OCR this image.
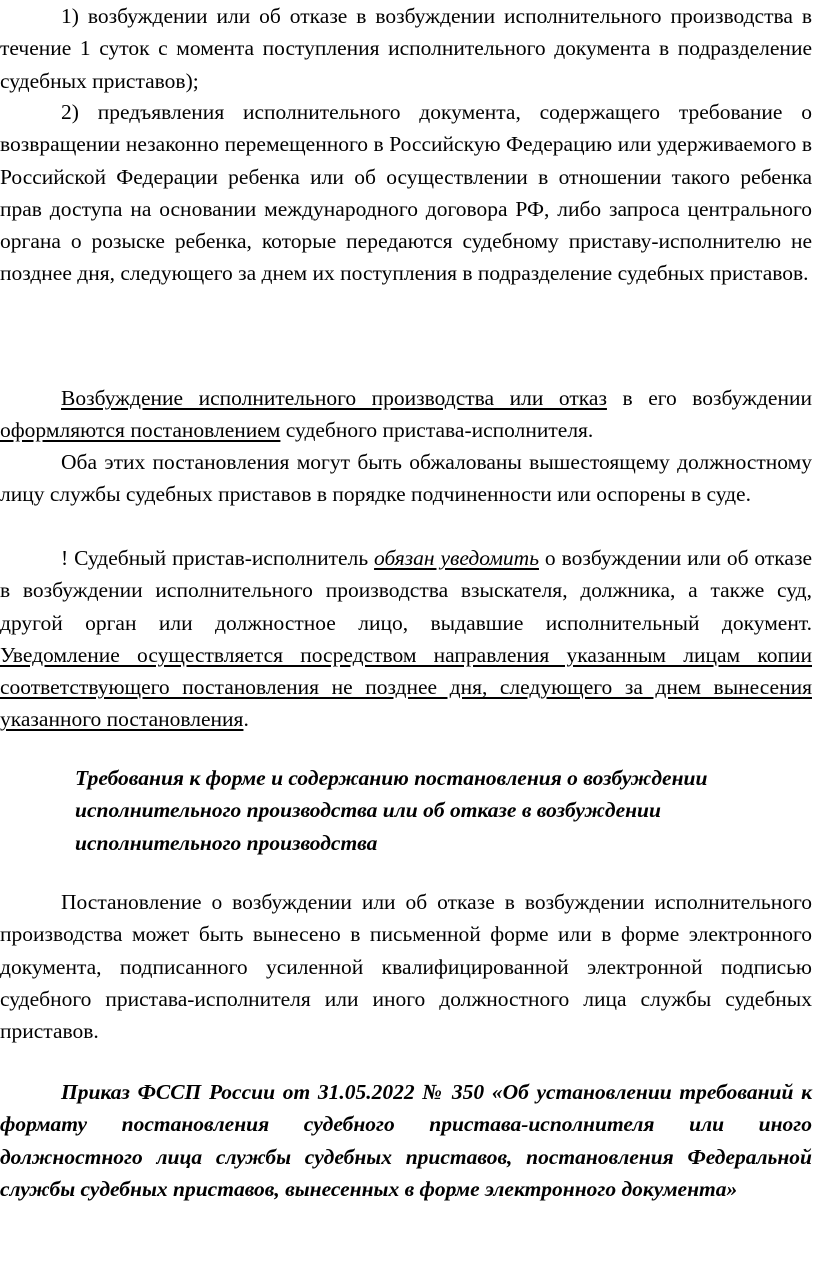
1) возбуждении или об отказе в возбуждении исполнительного производства в течение 1 суток с момента поступления исполнительного документа в подразделение судебных приставов);

2) предъявления исполнительного документа, содержащего требование о возвращении незаконно перемещенного в Российскую Федерацию или удерживаемого в Российской Федерации ребенка или об осуществлении в отношении такого ребенка прав доступа на основании международного договора РФ, либо запроса центрального органа о розыске ребенка, которые передаются судебному приставу-исполнителю не позднее дня, следующего за днем их поступления в подразделение судебных приставов.

Возбуждение исполнительного производства или отказ в его возбуждении оформляются постановлением судебного пристава-исполнителя.

Оба этих постановления могут быть обжалованы вышестоящему должностному лицу службы судебных приставов в порядке подчиненности или оспорены в суде.

! Судебный пристав-исполнитель обязан уведомить о возбуждении или об отказе в возбуждении исполнительного производства взыскателя, должника, а также суд, другой орган или должностное лицо, выдавшие исполнительный документ. Уведомление осуществляется посредством направления указанным лицам копии соответствующего постановления не позднее дня, следующего за днем вынесения указанного постановления.

Требования к форме и содержанию постановления о возбуждении исполнительного производства или об отказе в возбуждении исполнительного производства

Постановление о возбуждении или об отказе в возбуждении исполнительного производства может быть вынесено в письменной форме или в форме электронного документа, подписанного усиленной квалифицированной электронной подписью судебного пристава-исполнителя или иного должностного лица службы судебных приставов.

Приказ ФССП России от 31.05.2022 № 350 «Об установлении требований к формату постановления судебного пристава-исполнителя или иного должностного лица службы судебных приставов, постановления Федеральной службы судебных приставов, вынесенных в форме электронного документа»
